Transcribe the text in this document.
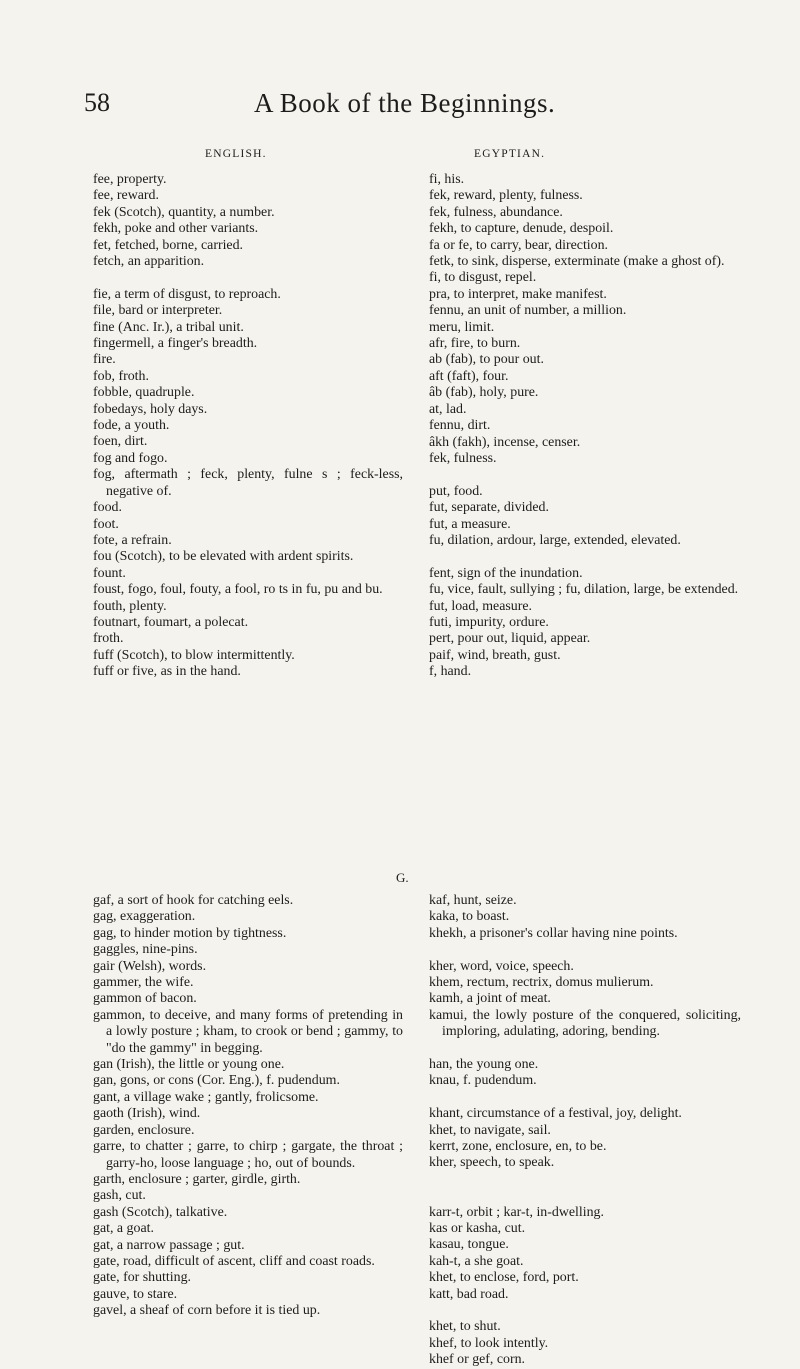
58	A Book of the Beginnings.
ENGLISH.	EGYPTIAN.
fee, property.
fee, reward.
fek (Scotch), quantity, a number.
fekh, poke and other variants.
fet, fetched, borne, carried.
fetch, an apparition.
fie, a term of disgust, to reproach.
file, bard or interpreter.
fine (Anc. Ir.), a tribal unit.
fingermell, a finger's breadth.
fire.
fob, froth.
fobble, quadruple.
fobedays, holy days.
fode, a youth.
foen, dirt.
fog and fogo.
fog, aftermath ; feck, plenty, fulne s ; feck-less, negative of.
food.
foot.
fote, a refrain.
fou (Scotch), to be elevated with ardent spirits.
fount.
foust, fogo, foul, fouty, a fool, ro ts in fu, pu and bu.
fouth, plenty.
foutnart, foumart, a polecat.
froth.
fuff (Scotch), to blow intermittently.
fuff or five, as in the hand.
fi, his.
fek, reward, plenty, fulness.
fek, fulness, abundance.
fekh, to capture, denude, despoil.
fa or fe, to carry, bear, direction.
fetk, to sink, disperse, exterminate (make a ghost of).
fi, to disgust, repel.
pra, to interpret, make manifest.
fennu, an unit of number, a million.
meru, limit.
afr, fire, to burn.
ab (fab), to pour out.
aft (faft), four.
âb (fab), holy, pure.
at, lad.
fennu, dirt.
âkh (fakh), incense, censer.
fek, fulness.
put, food.
fut, separate, divided.
fut, a measure.
fu, dilation, ardour, large, extended, elevated.
fent, sign of the inundation.
fu, vice, fault, sullying ; fu, dilation, large, be extended.
fut, load, measure.
futi, impurity, ordure.
pert, pour out, liquid, appear.
paif, wind, breath, gust.
f, hand.
G.
gaf, a sort of hook for catching eels.
gag, exaggeration.
gag, to hinder motion by tightness.
gaggles, nine-pins.
gair (Welsh), words.
gammer, the wife.
gammon of bacon.
gammon, to deceive, and many forms of pretending in a lowly posture ; kham, to crook or bend ; gammy, to "do the gammy" in begging.
gan (Irish), the little or young one.
gan, gons, or cons (Cor. Eng.), f. pudendum.
gant, a village wake ; gantly, frolicsome.
gaoth (Irish), wind.
garden, enclosure.
garre, to chatter ; garre, to chirp ; gargate, the throat ; garry-ho, loose language ; ho, out of bounds.
garth, enclosure ; garter, girdle, girth.
gash, cut.
gash (Scotch), talkative.
gat, a goat.
gat, a narrow passage ; gut.
gate, road, difficult of ascent, cliff and coast roads.
gate, for shutting.
gauve, to stare.
gavel, a sheaf of corn before it is tied up.
kaf, hunt, seize.
kaka, to boast.
khekh, a prisoner's collar having nine points.
kher, word, voice, speech.
khem, rectum, rectrix, domus mulierum.
kamh, a joint of meat.
kamui, the lowly posture of the conquered, soliciting, imploring, adulating, adoring, bending.
han, the young one.
knau, f. pudendum.
khant, circumstance of a festival, joy, delight.
khet, to navigate, sail.
kerrt, zone, enclosure, en, to be.
kher, speech, to speak.
karr-t, orbit ; kar-t, in-dwelling.
kas or kasha, cut.
kasau, tongue.
kah-t, a she goat.
khet, to enclose, ford, port.
katt, bad road.
khet, to shut.
khef, to look intently.
khef or gef, corn.
